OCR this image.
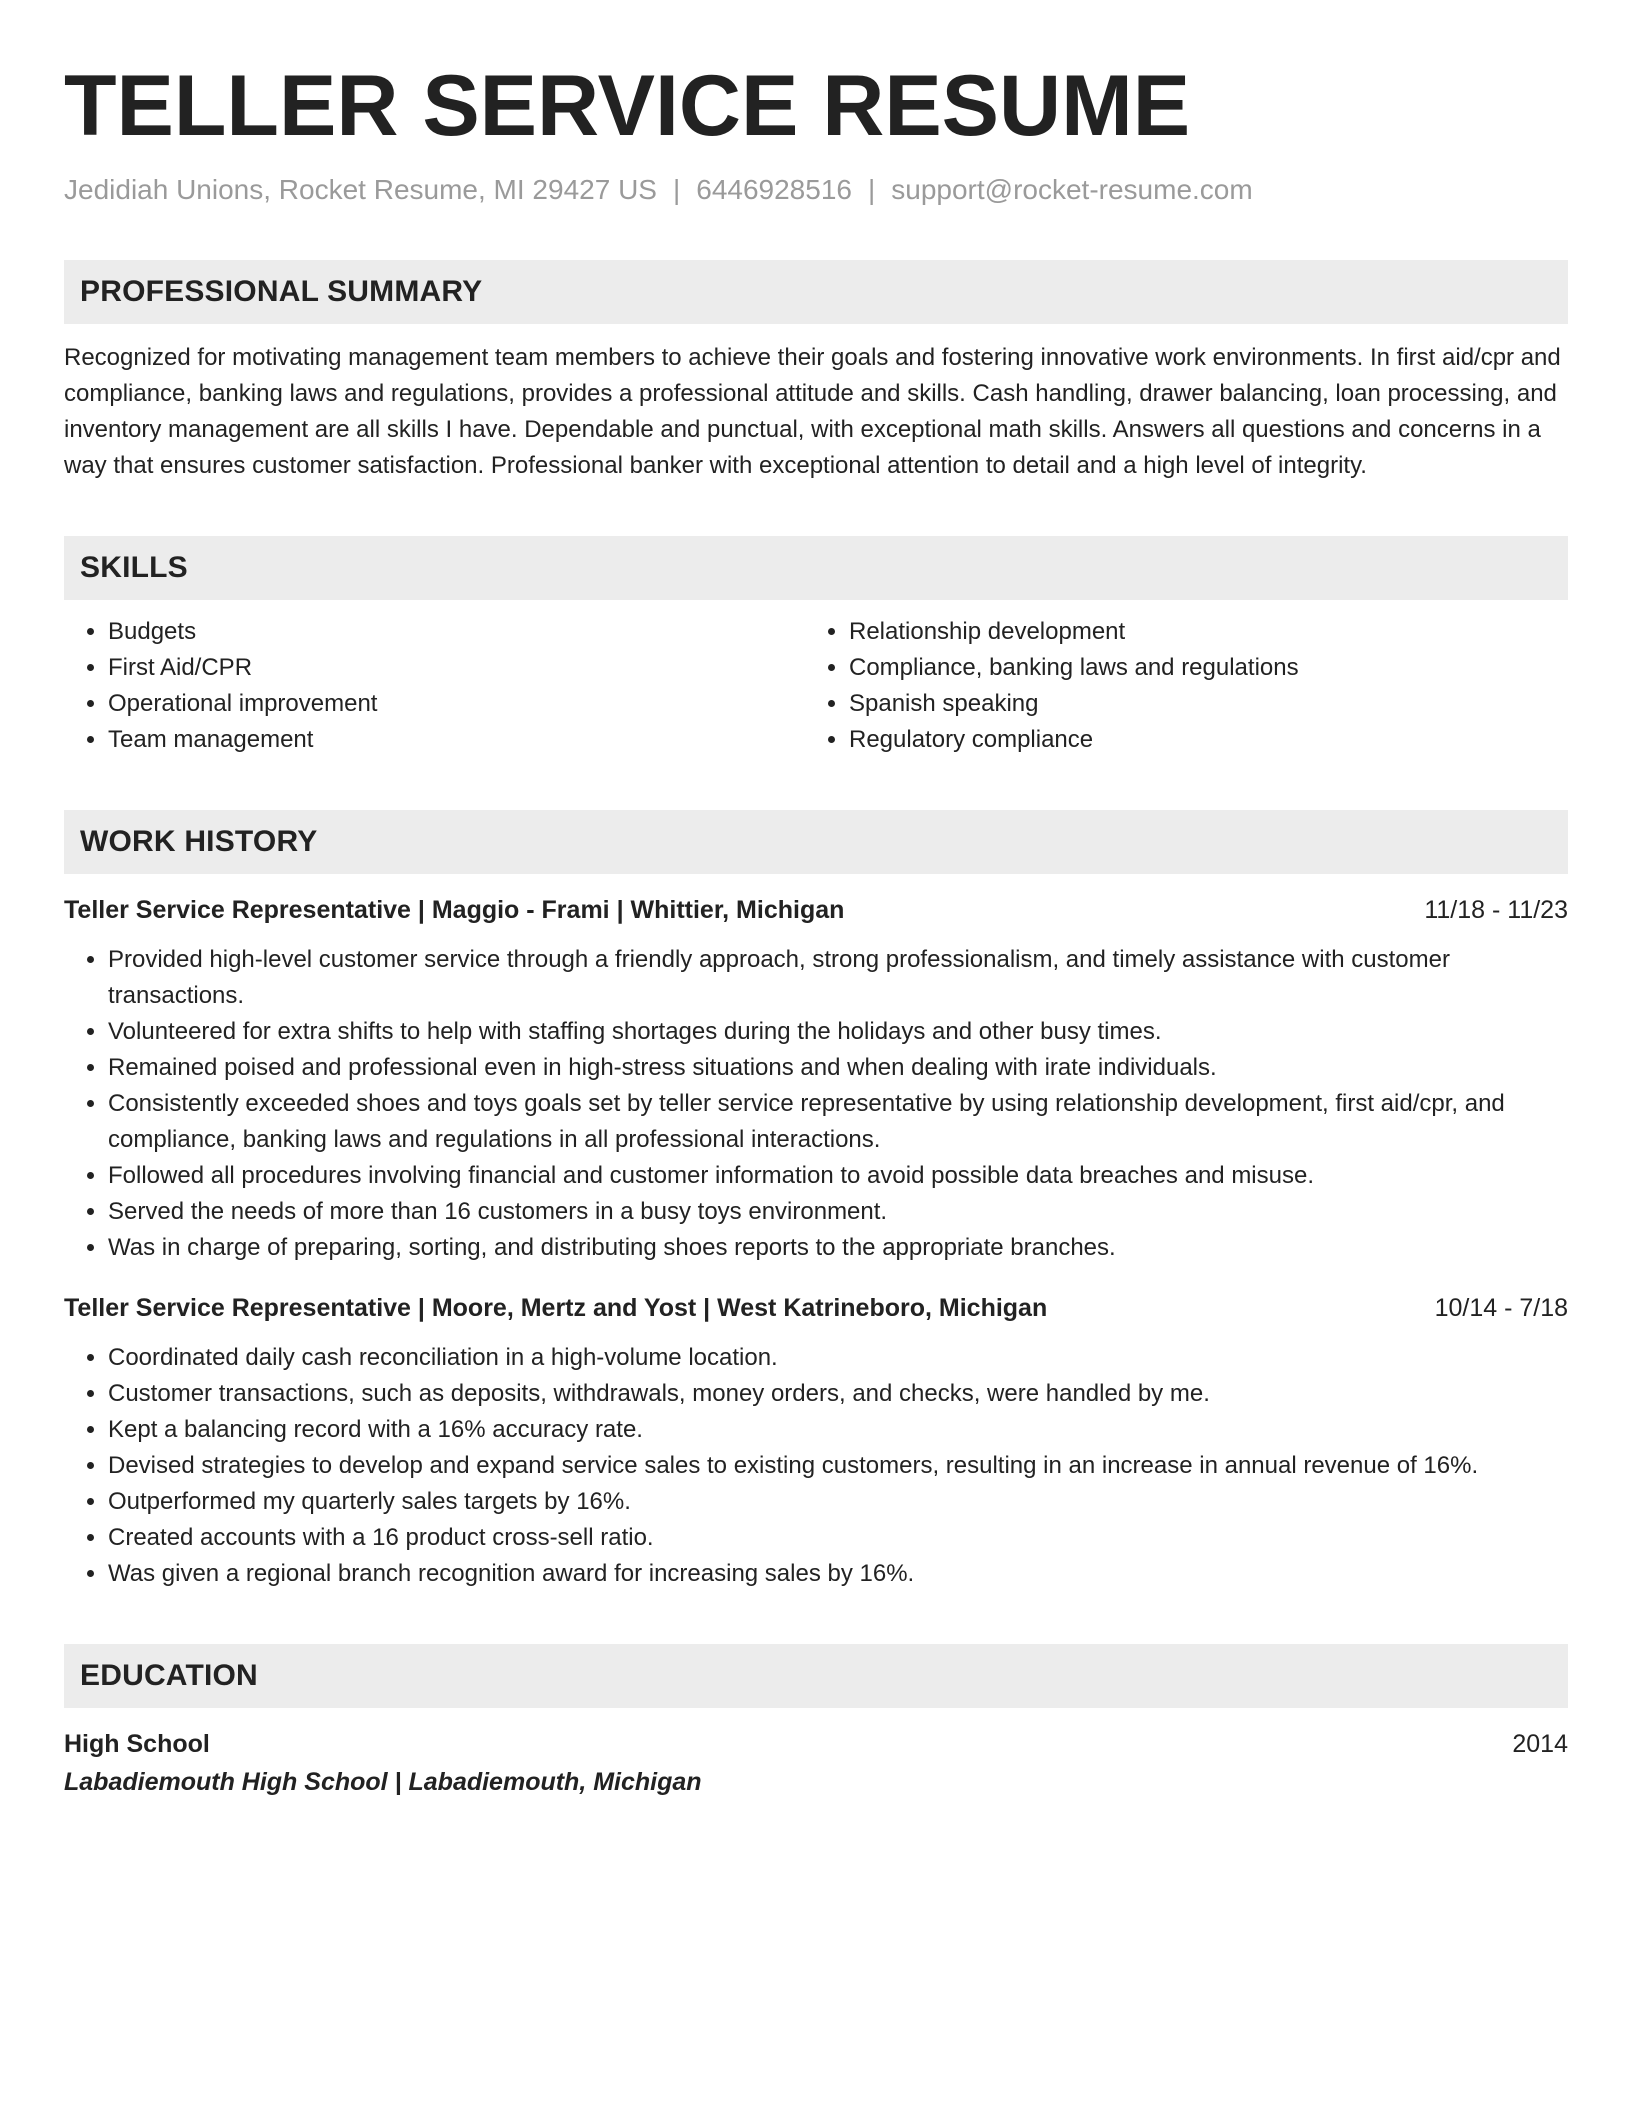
TELLER SERVICE RESUME
Jedidiah Unions, Rocket Resume, MI 29427 US | 6446928516 | support@rocket-resume.com
PROFESSIONAL SUMMARY
Recognized for motivating management team members to achieve their goals and fostering innovative work environments. In first aid/cpr and compliance, banking laws and regulations, provides a professional attitude and skills. Cash handling, drawer balancing, loan processing, and inventory management are all skills I have. Dependable and punctual, with exceptional math skills. Answers all questions and concerns in a way that ensures customer satisfaction. Professional banker with exceptional attention to detail and a high level of integrity.
SKILLS
• Budgets
• First Aid/CPR
• Operational improvement
• Team management
• Relationship development
• Compliance, banking laws and regulations
• Spanish speaking
• Regulatory compliance
WORK HISTORY
Teller Service Representative | Maggio - Frami | Whittier, Michigan	11/18 - 11/23
• Provided high-level customer service through a friendly approach, strong professionalism, and timely assistance with customer transactions.
• Volunteered for extra shifts to help with staffing shortages during the holidays and other busy times.
• Remained poised and professional even in high-stress situations and when dealing with irate individuals.
• Consistently exceeded shoes and toys goals set by teller service representative by using relationship development, first aid/cpr, and compliance, banking laws and regulations in all professional interactions.
• Followed all procedures involving financial and customer information to avoid possible data breaches and misuse.
• Served the needs of more than 16 customers in a busy toys environment.
• Was in charge of preparing, sorting, and distributing shoes reports to the appropriate branches.
Teller Service Representative | Moore, Mertz and Yost | West Katrineboro, Michigan	10/14 - 7/18
• Coordinated daily cash reconciliation in a high-volume location.
• Customer transactions, such as deposits, withdrawals, money orders, and checks, were handled by me.
• Kept a balancing record with a 16% accuracy rate.
• Devised strategies to develop and expand service sales to existing customers, resulting in an increase in annual revenue of 16%.
• Outperformed my quarterly sales targets by 16%.
• Created accounts with a 16 product cross-sell ratio.
• Was given a regional branch recognition award for increasing sales by 16%.
EDUCATION
High School	2014
Labadiemouth High School | Labadiemouth, Michigan
